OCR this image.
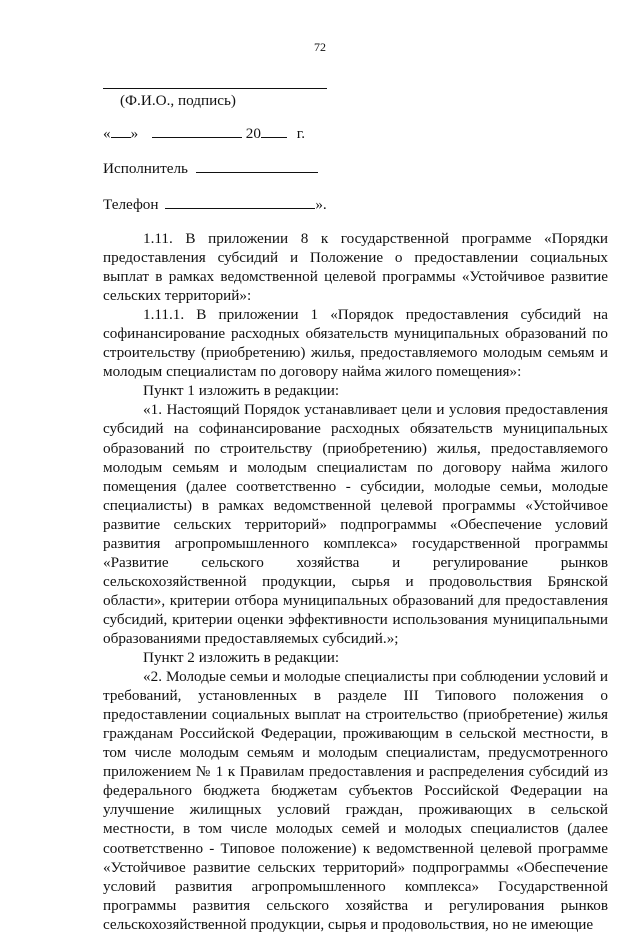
72
(Ф.И.О., подпись)
« »	20 г.
Исполнитель
Телефон	».

1.11. В приложении 8 к государственной программе «Порядки предоставления субсидий и Положение о предоставлении социальных выплат в рамках ведомственной целевой программы «Устойчивое развитие сельских территорий»:

1.11.1. В приложении 1 «Порядок предоставления субсидий на софинансирование расходных обязательств муниципальных образований по строительству (приобретению) жилья, предоставляемого молодым семьям и молодым специалистам по договору найма жилого помещения»:

Пункт 1 изложить в редакции:

«1. Настоящий Порядок устанавливает цели и условия предоставления субсидий на софинансирование расходных обязательств муниципальных образований по строительству (приобретению) жилья, предоставляемого молодым семьям и молодым специалистам по договору найма жилого помещения (далее соответственно - субсидии, молодые семьи, молодые специалисты) в рамках ведомственной целевой программы «Устойчивое развитие сельских территорий» подпрограммы «Обеспечение условий развития агропромышленного комплекса» государственной программы «Развитие сельского хозяйства и регулирование рынков сельскохозяйственной продукции, сырья и продовольствия Брянской области», критерии отбора муниципальных образований для предоставления субсидий, критерии оценки эффективности использования муниципальными образованиями предоставляемых субсидий.»;

Пункт 2 изложить в редакции:

«2. Молодые семьи и молодые специалисты при соблюдении условий и требований, установленных в разделе III Типового положения о предоставлении социальных выплат на строительство (приобретение) жилья гражданам Российской Федерации, проживающим в сельской местности, в том числе молодым семьям и молодым специалистам, предусмотренного приложением № 1 к Правилам предоставления и распределения субсидий из федерального бюджета бюджетам субъектов Российской Федерации на улучшение жилищных условий граждан, проживающих в сельской местности, в том числе молодых семей и молодых специалистов (далее соответственно - Типовое положение) к ведомственной целевой программе «Устойчивое развитие сельских территорий» подпрограммы «Обеспечение условий развития агропромышленного комплекса» Государственной программы развития сельского хозяйства и регулирования рынков сельскохозяйственной продукции, сырья и продовольствия, но не имеющие
